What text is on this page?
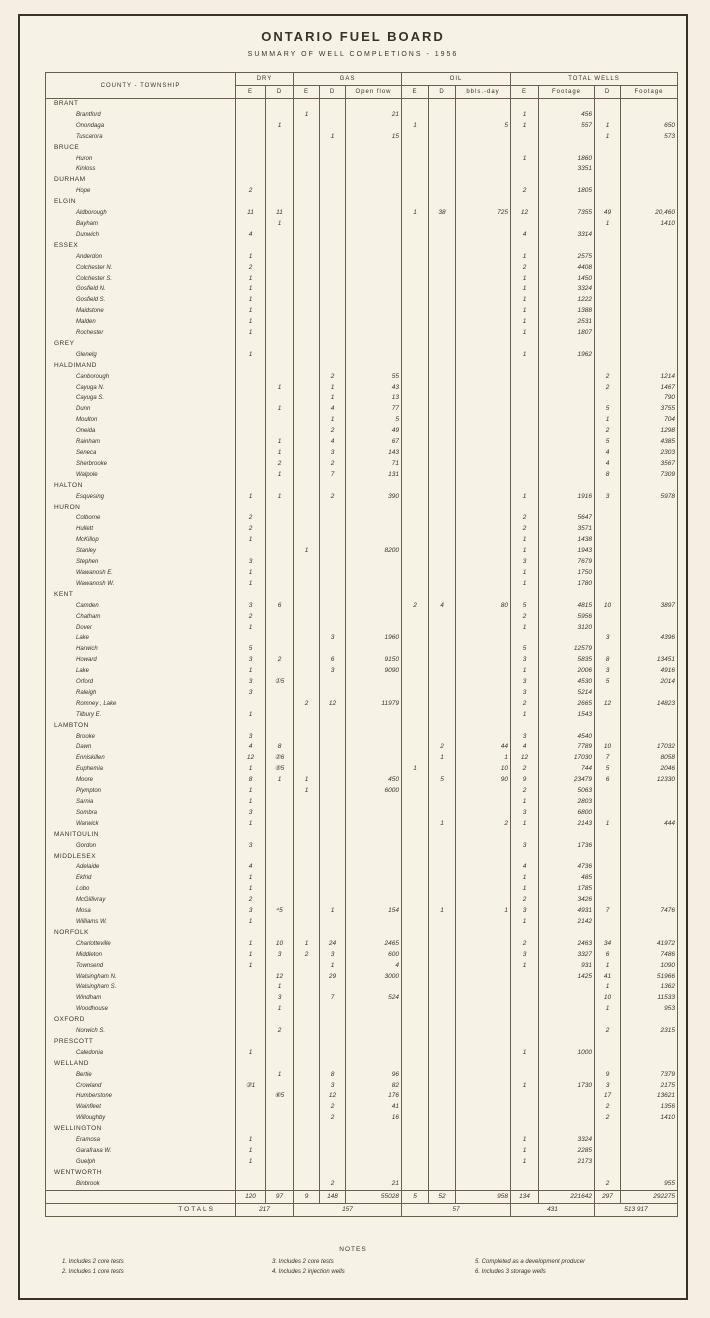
ONTARIO FUEL BOARD
SUMMARY OF WELL COMPLETIONS - 1956
COUNTY - TOWNSHIP	DRY		GAS			OIL			TOTAL WELLS			
	E	D	E	D	Open flow	E	D	bbls.-day	E	Footage	D	Footage
BRANT												
Brantford			1		21				1	456		
Onondaga		1				1		5	1	557	1	650
Tuscarora				1	15						1	573
BRUCE												
Huron									1	1860		
Kinloss										3351		
DURHAM												
Hope	2								2	1805		
ELGIN												
Aldborough	11	11				1	38	725	12	7355	49	20,460
Bayham		1									1	1410
Dunwich	4								4	3314		
ESSEX												
Anderdon	1								1	2575		
Colchester N.	2								2	4408		
Colchester S.	1								1	1450		
Gosfield N.	1								1	3324		
Gosfield S.	1								1	1222		
Maidstone	1								1	1388		
Malden	1								1	2531		
Rochester	1								1	1807		
GREY												
Glenelg	1								1	1962		
HALDIMAND												
Canborough				2	55						2	1214
Cayuga N.		1		1	43						2	1467
Cayuga S.				1	13							790
Dunn		1		4	77						5	3755
Moulton				1	5						1	704
Oneida				2	49						2	1298
Rainham		1		4	67						5	4385
Seneca		1		3	143						4	2303
Sherbrooke		2		2	71						4	3567
Walpole		1		7	131						8	7309
HALTON												
Esquesing	1	1		2	390				1	1916	3	5978
HURON												
Colborne	2								2	5647		
Hullett	2								2	3571		
McKillop	1								1	1438		
Stanley			1		8200				1	1943		
Stephen	3								3	7679		
Wawanosh E.	1								1	1750		
Wawanosh W.	1								1	1780		
KENT												
Camden	3	6				2	4	80	5	4815	10	3897
Chatham	2								2	5956		
Dover	1								1	3120		
Lake				3	1960						3	4396
Harwich	5								5	12579		
Howard	3	2		6	9150				3	5835	8	13451
Lake	1			3	9090				1	2006	3	4916
Orford	3	①5							3	4530	5	2014
Raleigh	3								3	5214		
Romney , Lake			2	12	11979				2	2665	12	14823
Tilbury E.	1								1	1543		
LAMBTON												
Brooke	3								3	4540		
Dawn	4	8					2	44	4	7789	10	17032
Enniskillen	12	②6					1	1	12	17030	7	8058
Euphemia	1	⑤5				1		10	2	744	5	2046
Moore	8	1	1		450		5	90	9	23479	6	12330
Plympton	1		1		6000				2	5063		
Sarnia	1								1	2803		
Sombra	3								3	6800		
Warwick	1						1	2	1	2143	1	444
MANITOULIN												
Gordon	3								3	1736		
MIDDLESEX												
Adelaide	4								4	4736		
Ekfrid	1								1	485		
Lobo	1								1	1785		
McGillivray	2								2	3426		
Mosa	3	⁴5		1	154		1	1	3	4931	7	7476
Williams W.	1								1	2142		
NORFOLK												
Charlotteville	1	10	1	24	2465				2	2463	34	41972
Middleton	1	3	2	3	600				3	3327	6	7486
Townsend	1			1	4				1	931	1	1090
Walsingham N.		12		29	3000					1425	41	51966
Walsingham S.		1									1	1362
Windham		3		7	524						10	11533
Woodhouse		1									1	953
OXFORD												
Norwich S.		2									2	2315
PRESCOTT												
Caledonia	1								1	1000		
WELLAND												
Bertie		1		8	96						9	7379
Crowland	③1			3	82				1	1730	3	2175
Humberstone		⑥5		12	176						17	13621
Wainfleet				2	41						2	1356
Willoughby				2	16						2	1410
WELLINGTON												
Eramosa	1								1	3324		
Garafraxa W.	1								1	2285		
Guelph	1								1	2173		
WENTWORTH												
Binbrook				2	21						2	955
	120	97	9	148	55028	5	52	958	134	221642	297	292275
TOTALS	217		157			57			431		513 917	
NOTES
1. Includes 2 core tests
2. Includes 1 core tests
3. Includes 2 core tests
4. Includes 2 injection wells
5. Completed as a development producer
6. Includes 3 storage wells
